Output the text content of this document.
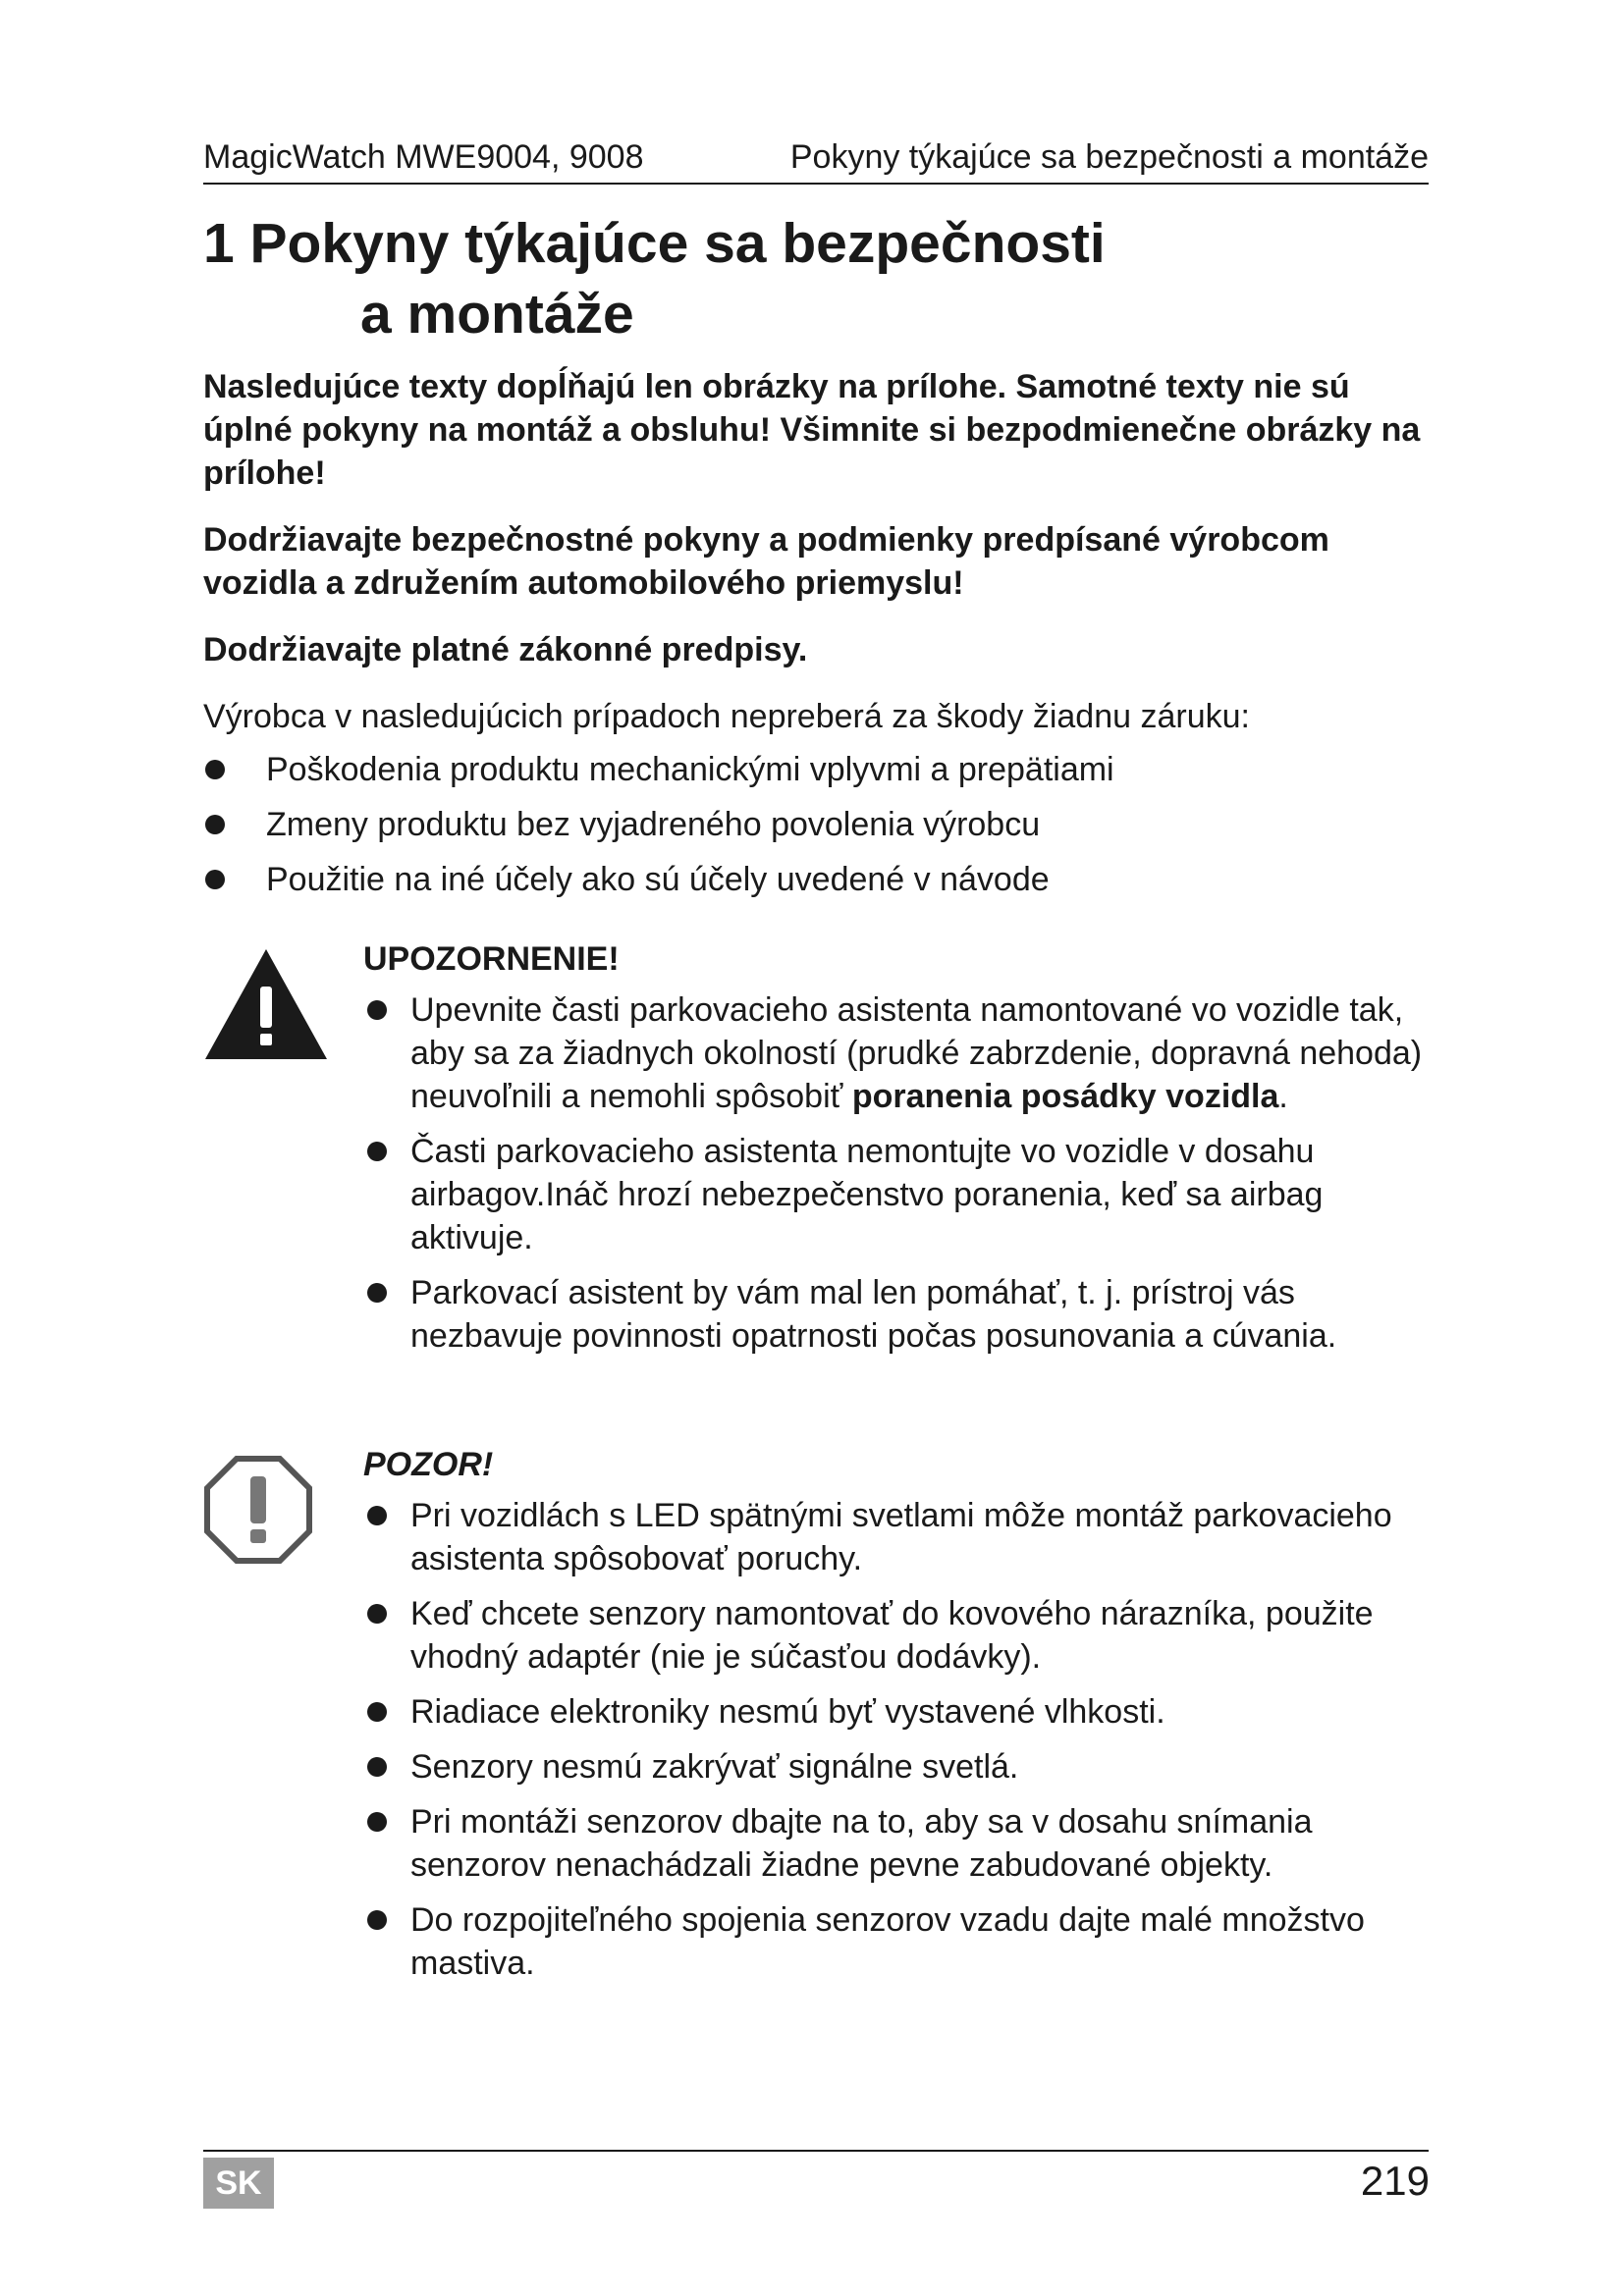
MagicWatch MWE9004, 9008	Pokyny týkajúce sa bezpečnosti a montáže
1 Pokyny týkajúce sa bezpečnosti
a montáže

Nasledujúce texty dopĺňajú len obrázky na prílohe. Samotné texty nie sú úplné pokyny na montáž a obsluhu! Všimnite si bezpodmienečne obrázky na prílohe!

Dodržiavajte bezpečnostné pokyny a podmienky predpísané výrobcom vozidla a združením automobilového priemyslu!

Dodržiavajte platné zákonné predpisy.

Výrobca v nasledujúcich prípadoch nepreberá za škody žiadnu záruku:

Poškodenia produktu mechanickými vplyvmi a prepätiami
Zmeny produktu bez vyjadreného povolenia výrobcu
Použitie na iné účely ako sú účely uvedené v návode
UPOZORNENIE!
Upevnite časti parkovacieho asistenta namontované vo vozidle tak, aby sa za žiadnych okolností (prudké zabrzdenie, dopravná nehoda) neuvoľnili a nemohli spôsobiť poranenia posádky vozidla.
Časti parkovacieho asistenta nemontujte vo vozidle v dosahu airbagov.Ináč hrozí nebezpečenstvo poranenia, keď sa airbag aktivuje.
Parkovací asistent by vám mal len pomáhať, t. j. prístroj vás nezbavuje povinnosti opatrnosti počas posunovania a cúvania.
POZOR!
Pri vozidlách s LED spätnými svetlami môže montáž parkovacieho asistenta spôsobovať poruchy.
Keď chcete senzory namontovať do kovového nárazníka, použite vhodný adaptér (nie je súčasťou dodávky).
Riadiace elektroniky nesmú byť vystavené vlhkosti.
Senzory nesmú zakrývať signálne svetlá.
Pri montáži senzorov dbajte na to, aby sa v dosahu snímania senzorov nenachádzali žiadne pevne zabudované objekty.
Do rozpojiteľného spojenia senzorov vzadu dajte malé množstvo mastiva.
SK	219
